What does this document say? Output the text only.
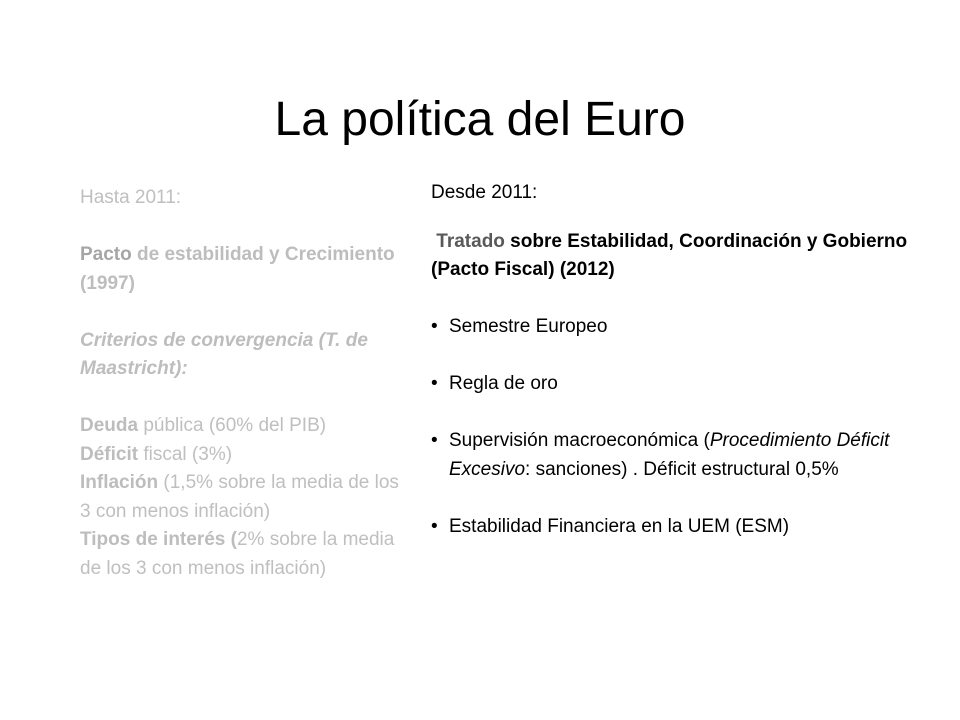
La política del Euro

Hasta 2011:

Pacto de estabilidad y Crecimiento (1997)

Criterios de convergencia (T. de Maastricht):

Deuda pública (60% del PIB)

Déficit fiscal (3%)

Inflación (1,5% sobre la media de los 3 con menos inflación)

Tipos de interés (2% sobre la media de los 3 con menos inflación)

Desde 2011:

Tratado sobre Estabilidad, Coordinación y Gobierno (Pacto Fiscal) (2012)

• Semestre Europeo

• Regla de oro

• Supervisión macroeconómica (Procedimiento Déficit Excesivo: sanciones) . Déficit estructural 0,5%

• Estabilidad Financiera en la UEM (ESM)
